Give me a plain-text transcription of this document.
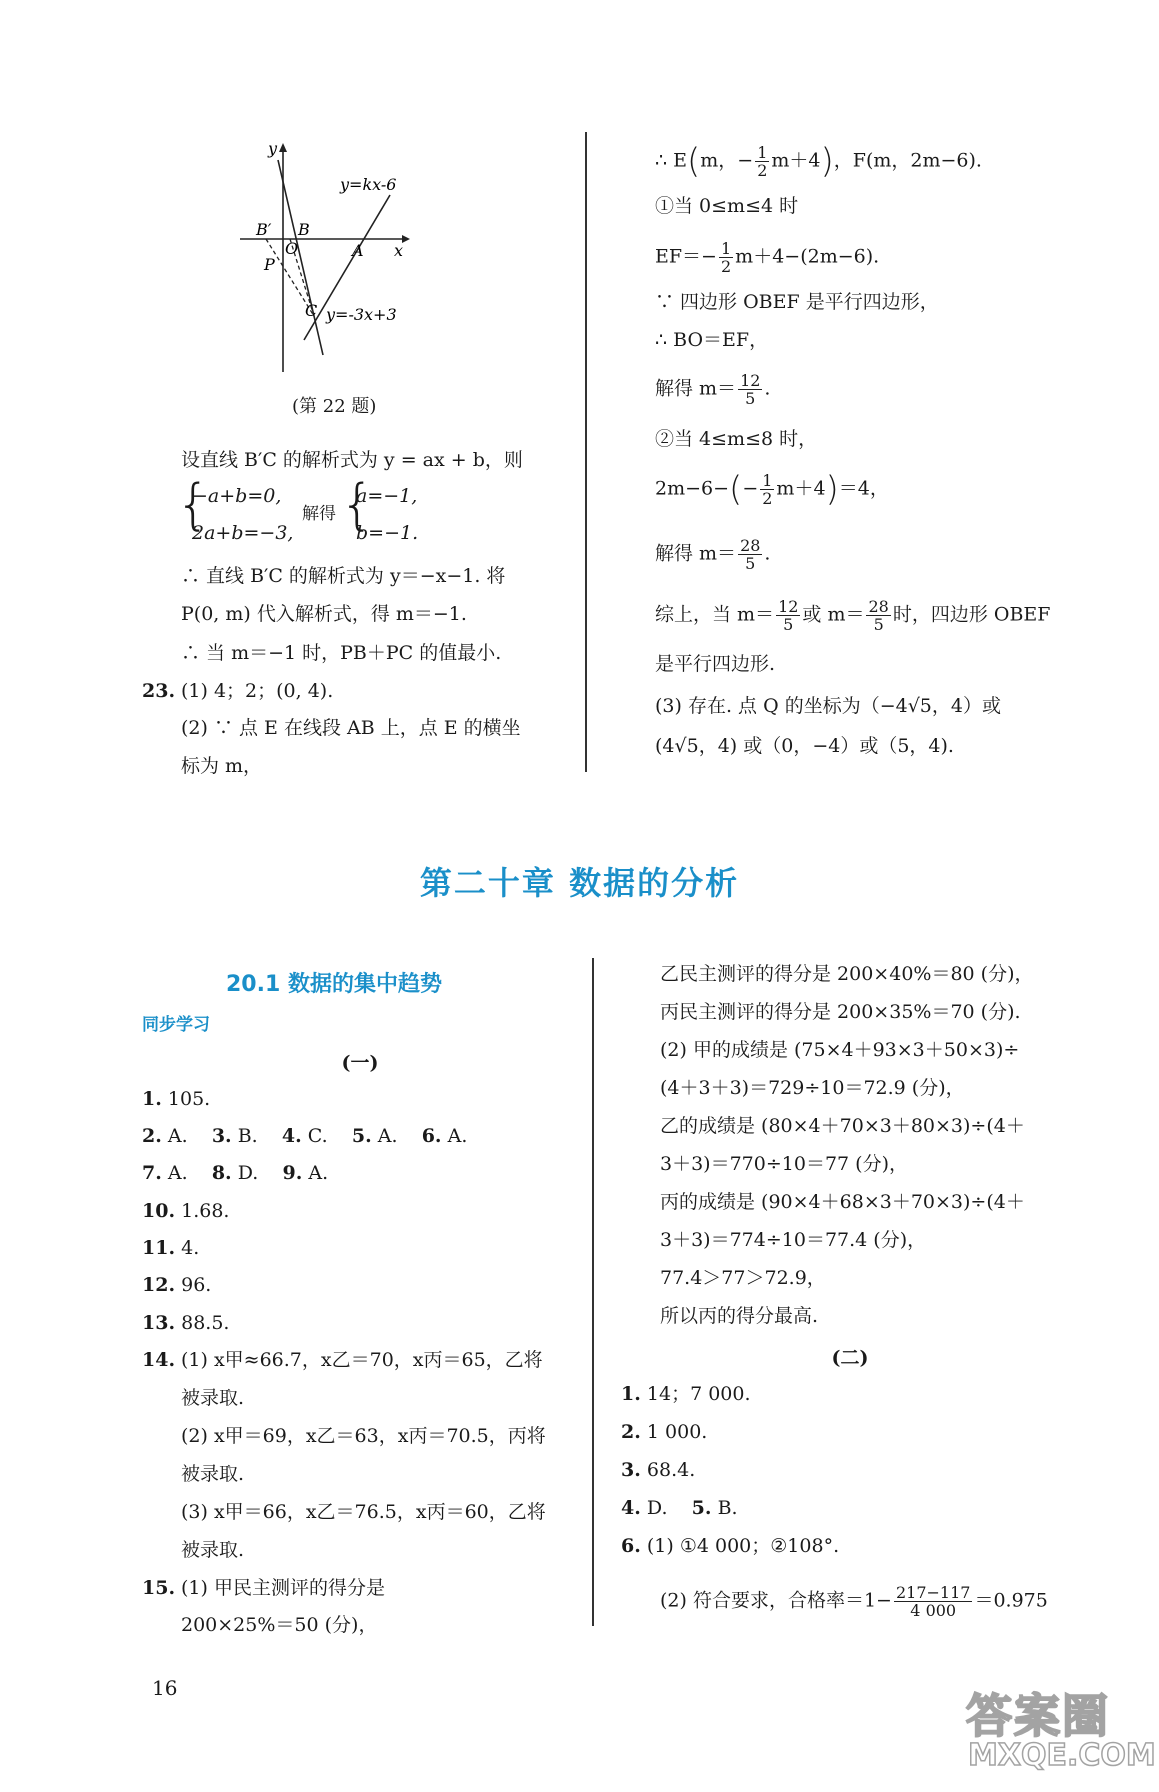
y
x
y=kx-6
y=-3x+3
B′ B
O	A
P
C
(第 22 题)
设直线 B′C 的解析式为 y = ax + b，则
{
−a+b=0,
2a+b=−3,
解得 {
a=−1,
b=−1.
∴ 直线 B′C 的解析式为 y＝−x−1. 将
P(0, m) 代入解析式，得 m＝−1.
∴ 当 m＝−1 时，PB＋PC 的值最小.
23. (1) 4；2；(0, 4).
(2) ∵ 点 E 在线段 AB 上，点 E 的横坐
标为 m，
∴ E(m，− $\frac{1}{2} m+4$)，F(m，2m−6).
①当 0≤m≤4 时
$EF=- \frac{1}{2} m+4-(2m-6)$.
∵ 四边形 OBEF 是平行四边形，
∴ BO＝EF，
解得 $m= \frac{12}{5}$ .
②当 4≤m≤8 时，
$2m-6-(- \frac{1}{2} m+4)=4$，
解得 $m= \frac{28}{5}$ .
综上，当 $m= \frac{12}{5}$ 或 $m= \frac{28}{5}$ 时，四边形 OBEF
是平行四边形.
(3) 存在. 点 Q 的坐标为（−4√5，4）或
(4√5，4) 或（0，−4）或（5，4).
第二十章 数据的分析
20.1 数据的集中趋势
同步学习
(一)
1. 105.
2. A. 3. B. 4. C. 5. A. 6. A.
7. A. 8. D. 9. A.
10. 1.68.
11. 4.
12. 96.
13. 88.5.
14. (1) x甲≈66.7，x乙＝70，x丙＝65，乙将
被录取.
(2) x甲＝69，x乙＝63，x丙＝70.5，丙将
被录取.
(3) x甲＝66，x乙＝76.5，x丙＝60，乙将
被录取.
15. (1) 甲民主测评的得分是
200×25%＝50 (分)，
乙民主测评的得分是 200×40%＝80 (分)，
丙民主测评的得分是 200×35%＝70 (分).
(2) 甲的成绩是 (75×4＋93×3＋50×3)÷
(4＋3＋3)＝729÷10＝72.9 (分)，
乙的成绩是 (80×4＋70×3＋80×3)÷(4＋
3＋3)＝770÷10＝77 (分)，
丙的成绩是 (90×4＋68×3＋70×3)÷(4＋
3＋3)＝774÷10＝77.4 (分)，
77.4＞77＞72.9，
所以丙的得分最高.
(二)
1. 14；7 000.
2. 1 000.
3. 68.4.
4. D. 5. B.
6. (1) ①4 000；②108°.
(2) 符合要求，合格率$=1- \frac{217-117}{4 000} =0.975$
16
答案圈
MXQE.COM
